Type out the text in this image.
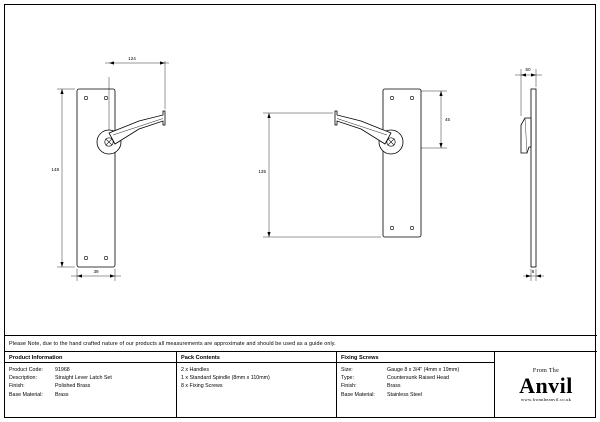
124
148
39
135
45
50
8
Please Note, due to the hand crafted nature of our products all measurements are approximate and should be used as a guide only.
Product Information
Product Code:	91968
Description:	Straight Lever Latch Set
Finish:	Polished Brass
Base Material:	Brass
Pack Contents
2 x Handles
1 x Standard Spindle (8mm x 110mm)
8 x Fixing Screws
Fixing Screws
Size:	Gauge 8 x 3/4" (4mm x 19mm)
Type:	Countersunk Raised Head
Finish:	Brass
Base Material:	Stainless Steel
From The
Anvil
www.fromtheanvil.co.uk
